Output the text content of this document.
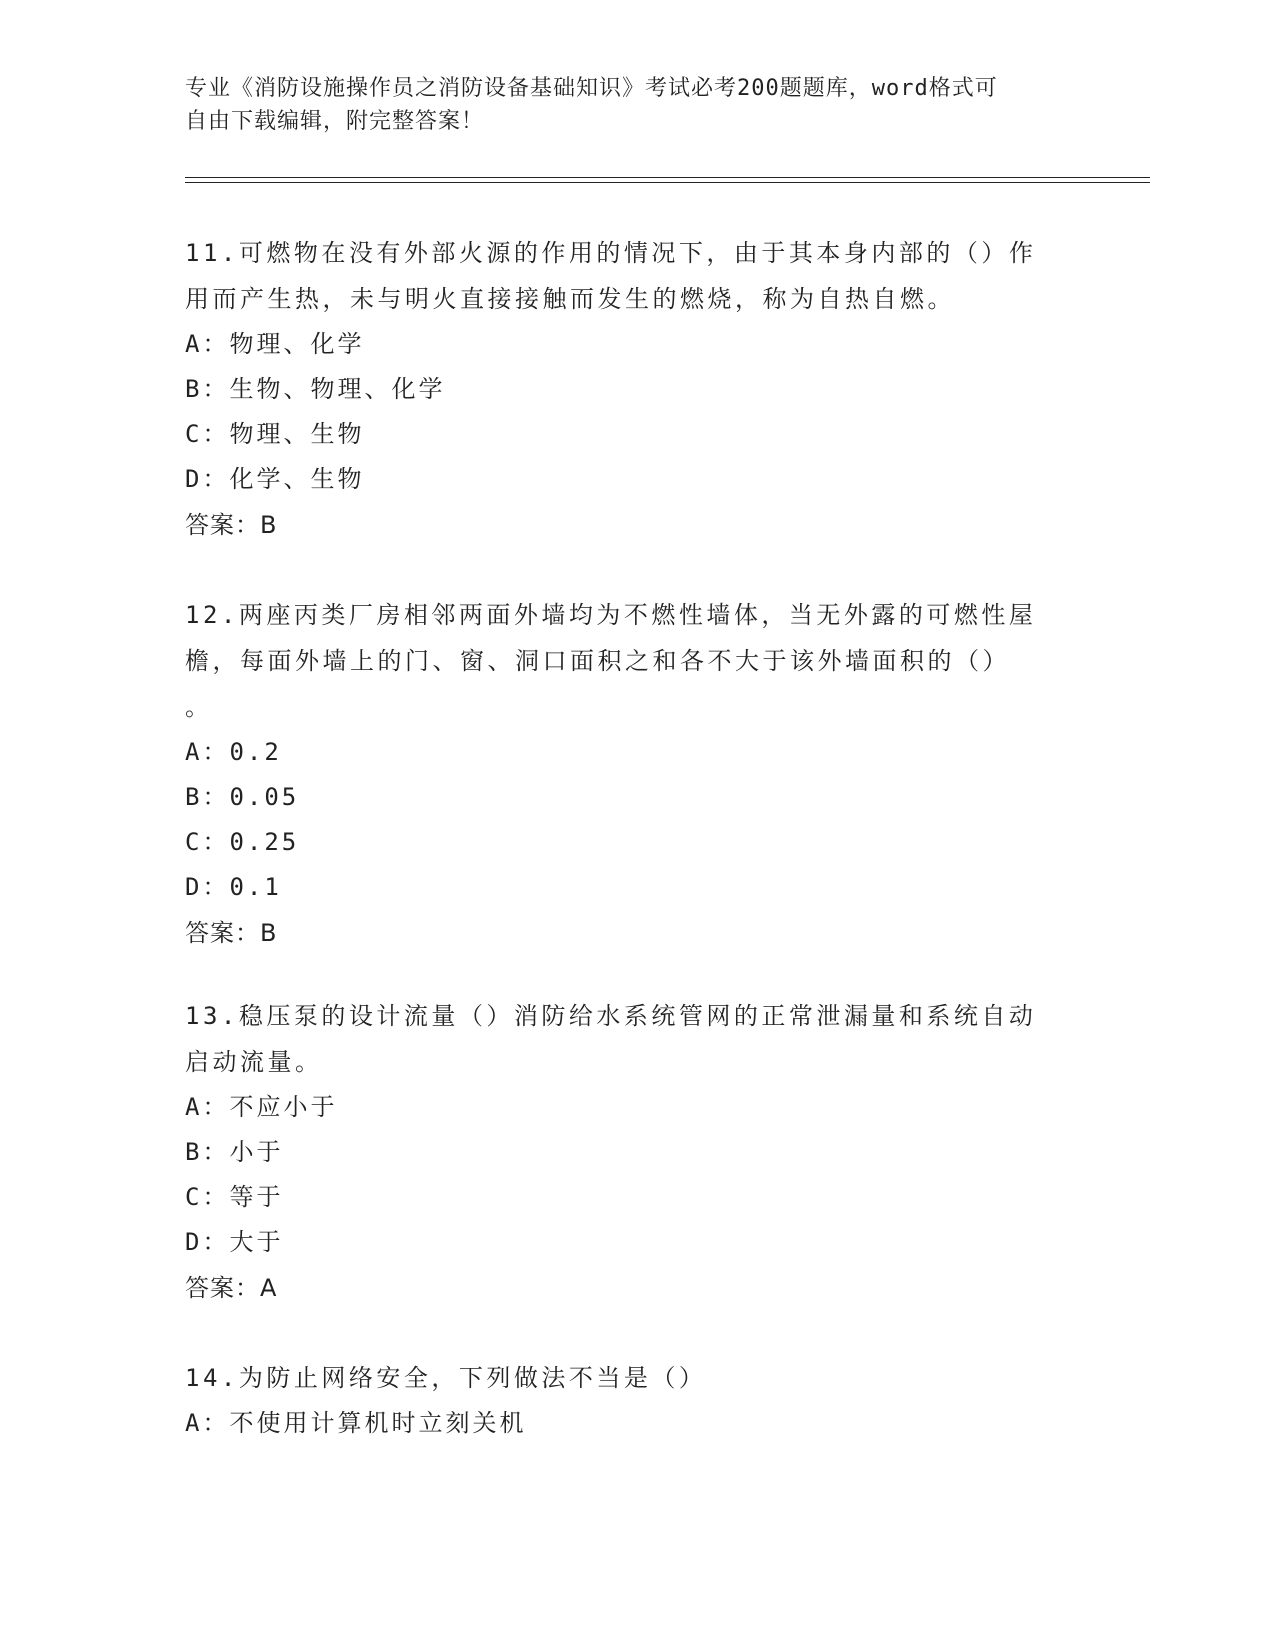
专业《消防设施操作员之消防设备基础知识》考试必考200题题库，word格式可
自由下载编辑，附完整答案！
11.可燃物在没有外部火源的作用的情况下，由于其本身内部的（）作
用而产生热，未与明火直接接触而发生的燃烧，称为自热自燃。
A：物理、化学
B：生物、物理、化学
C：物理、生物
D：化学、生物
答案：B
12.两座丙类厂房相邻两面外墙均为不燃性墙体，当无外露的可燃性屋
檐，每面外墙上的门、窗、洞口面积之和各不大于该外墙面积的（）
。
A：0.2
B：0.05
C：0.25
D：0.1
答案：B
13.稳压泵的设计流量（）消防给水系统管网的正常泄漏量和系统自动
启动流量。
A：不应小于
B：小于
C：等于
D：大于
答案：A
14.为防止网络安全，下列做法不当是（）
A：不使用计算机时立刻关机
